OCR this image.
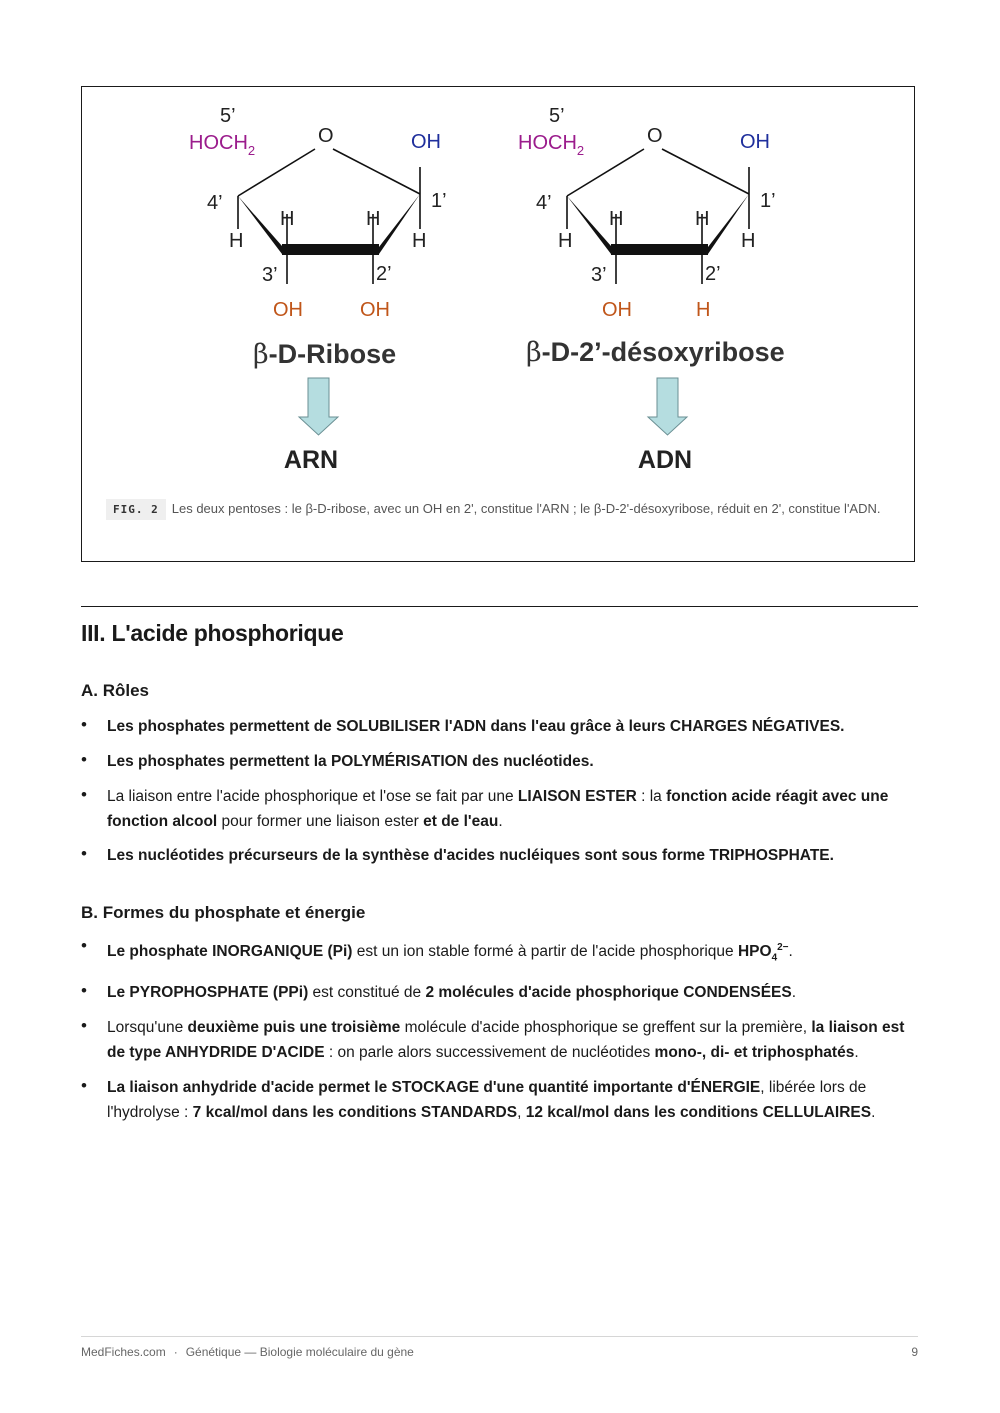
5’
$HOCH_2$
O	OH
4’	1’
H
H	H
H
3’	2’
OH	OH
5’
$HOCH_2$
O	OH
4’	1’
H
H	H
H
3’	2’
OH	H
β-D-Ribose	β-D-2’-désoxyribose
ARN	ADN
FIG. 2 Les deux pentoses : le β-D-ribose, avec un OH en 2', constitue l'ARN ; le β-D-2'-désoxyribose, réduit en 2', constitue l'ADN.
III. L'acide phosphorique
A. Rôles
• Les phosphates permettent de SOLUBILISER l'ADN dans l'eau grâce à leurs CHARGES NÉGATIVES.
• Les phosphates permettent la POLYMÉRISATION des nucléotides.
• La liaison entre l'acide phosphorique et l'ose se fait par une LIAISON ESTER : la fonction acide réagit avec une fonction alcool pour former une liaison ester et de l'eau.
• Les nucléotides précurseurs de la synthèse d'acides nucléiques sont sous forme TRIPHOSPHATE.
B. Formes du phosphate et énergie
• Le phosphate INORGANIQUE (Pi) est un ion stable formé à partir de l'acide phosphorique $HPO_4^{2-}$.
• Le PYROPHOSPHATE (PPi) est constitué de 2 molécules d'acide phosphorique CONDENSÉES.
• Lorsqu'une deuxième puis une troisième molécule d'acide phosphorique se greffent sur la première, la liaison est de type ANHYDRIDE D'ACIDE : on parle alors successivement de nucléotides mono-, di- et triphosphatés.
• La liaison anhydride d'acide permet le STOCKAGE d'une quantité importante d'ÉNERGIE, libérée lors de l'hydrolyse : 7 kcal/mol dans les conditions STANDARDS, 12 kcal/mol dans les conditions CELLULAIRES.
MedFiches.com · Génétique — Biologie moléculaire du gène	9
